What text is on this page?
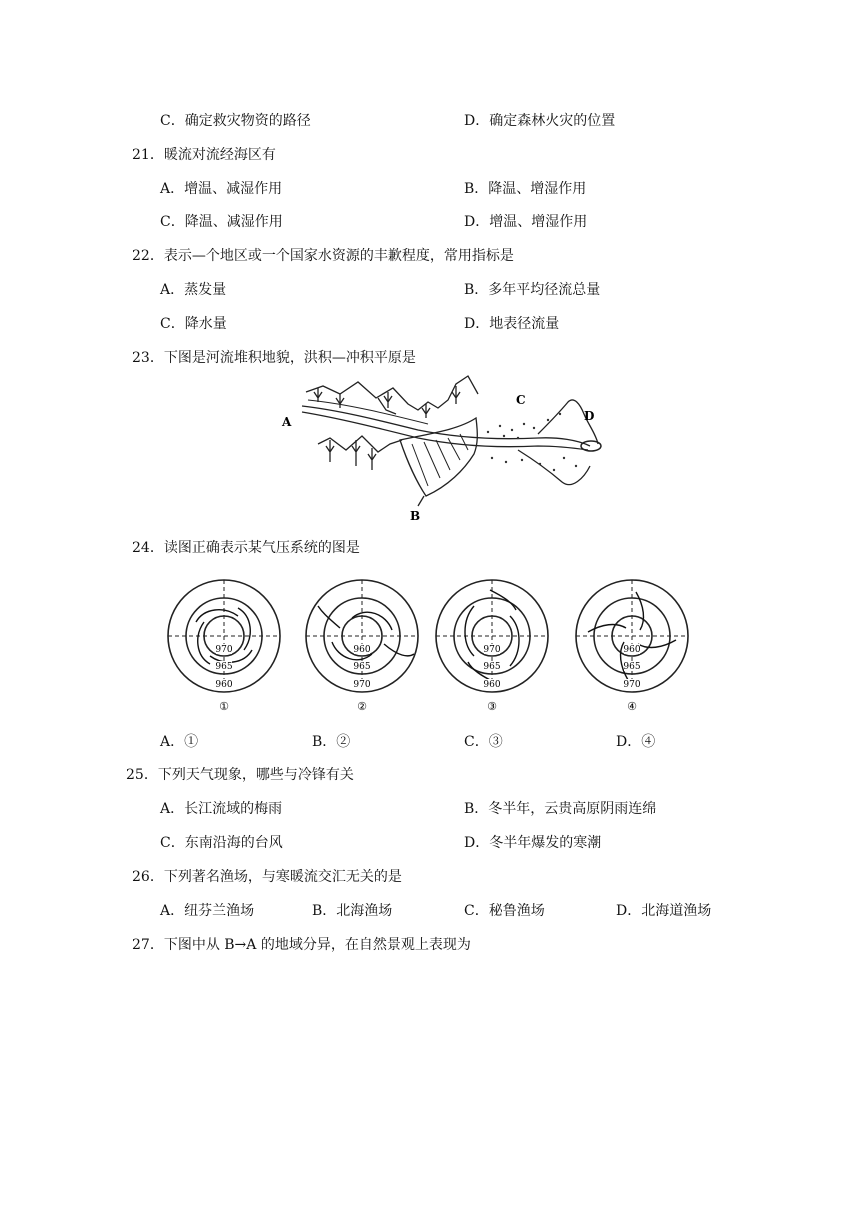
C．确定救灾物资的路径	D．确定森林火灾的位置
21．暖流对流经海区有
A．增温、减湿作用	B．降温、增湿作用
C．降温、减湿作用	D．增温、增湿作用
22．表示—个地区或一个国家水资源的丰歉程度，常用指标是
A．蒸发量	B．多年平均径流总量
C．降水量	D．地表径流量
23．下图是河流堆积地貌，洪积—冲积平原是
A
B
C
D
24．读图正确表示某气压系统的图是
970
965
960
960
965
970
970
965
960
960
965
970
①	②	③	④
A．①	B．②	C．③	D．④
25．下列天气现象，哪些与冷锋有关
A．长江流域的梅雨	B．冬半年，云贵高原阴雨连绵
C．东南沿海的台风	D．冬半年爆发的寒潮
26．下列著名渔场，与寒暖流交汇无关的是
A．纽芬兰渔场	B．北海渔场	C．秘鲁渔场	D．北海道渔场
27．下图中从 B→A 的地域分异，在自然景观上表现为
